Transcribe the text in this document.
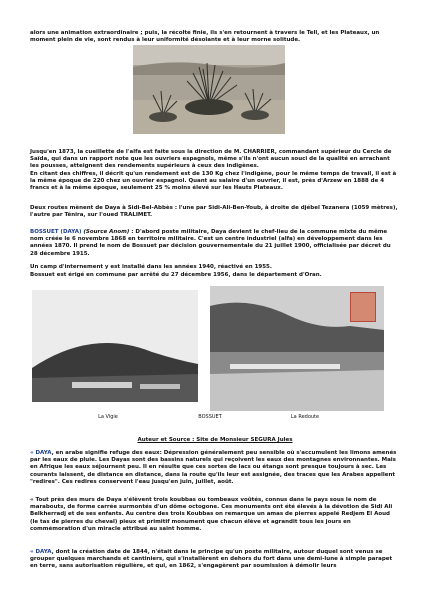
alors une animation extraordinaire ; puis, la récolte finie, ils s'en retournent à travers le Tell, et les Plateaux, un moment plein de vie, sont rendus à leur uniformité désolante et à leur morne solitude.

Jusqu'en 1873, la cueillette de l'alfa est faite sous la direction de M. CHARRIER, commandant supérieur du Cercle de Saïda, qui dans un rapport note que les ouvriers espagnols, même s'ils n'ont aucun souci de la qualité en arrachant les pousses, atteignent des rendements supérieurs à ceux des indigènes.

En citant des chiffres, il décrit qu'un rendement est de 130 Kg chez l'indigène, pour le même temps de travail, il est à la même époque de 220 chez un ouvrier espagnol. Quant au salaire d'un ouvrier, il est, près d'Arzew en 1888 de 4 francs et à la même époque, seulement 25 % moins élevé sur les Hauts Plateaux.

Deux routes mènent de Daya à Sidi-Bel-Abbès : l'une par Sidi-Ali-Ben-Youb, à droite de djébel Tezanera (1059 mètres), l'autre par Ténira, sur l'oued TRALIMET.

BOSSUET (DAYA) (Source Anom) : D'abord poste militaire, Daya devient le chef-lieu de la commune mixte du même nom créée le 6 novembre 1868 en territoire militaire. C'est un centre industriel (alfa) en développement dans les années 1870. Il prend le nom de Bossuet par décision gouvernementale du 21 juillet 1900, officialisée par décret du 28 décembre 1915.

Un camp d'internement y est installé dans les années 1940, réactivé en 1955.

Bossuet est érigé en commune par arrêté du 27 décembre 1956, dans le département d'Oran.

La Vigie	BOSSUET	La Redoute

Auteur et Source : Site de Monsieur SEGURA Jules

« DAYA, en arabe signifie refuge des eaux: Dépression généralement peu sensible où s'accumulent les limons amenés par les eaux de pluie. Les Dayas sont des bassins naturels qui reçoivent les eaux des montagnes environnantes. Mais en Afrique les eaux séjournent peu. Il en résulte que ces sortes de lacs ou étangs sont presque toujours à sec. Les courants laissent, de distance en distance, dans la route qu'ils leur est assignée, des traces que les Arabes appellent "redires". Ces redires conservent l'eau jusqu'en juin, juillet, août.

« Tout près des murs de Daya s'élèvent trois koubbas ou tombeaux voûtés, connus dans le pays sous le nom de marabouts, de forme carrée surmontés d'un dôme octogone. Ces monuments ont été élevés à la dévotion de Sidi Ali Belkherradj et de ses enfants. Au centre des trois Koubbas on remarque un amas de pierres appelé Redjem El Aoud (le tas de pierres du cheval) pieux et primitif monument que chacun élève et agrandit tous les jours en commémoration d'un miracle attribué au saint homme.

« DAYA, dont la création date de 1844, n'était dans le principe qu'un poste militaire, autour duquel sont venus se grouper quelques marchands et cantiniers, qui s'installèrent en dehors du fort dans une demi-lune à simple parapet en terre, sans autorisation régulière, et qui, en 1862, s'engagèrent par soumission à démolir leurs
